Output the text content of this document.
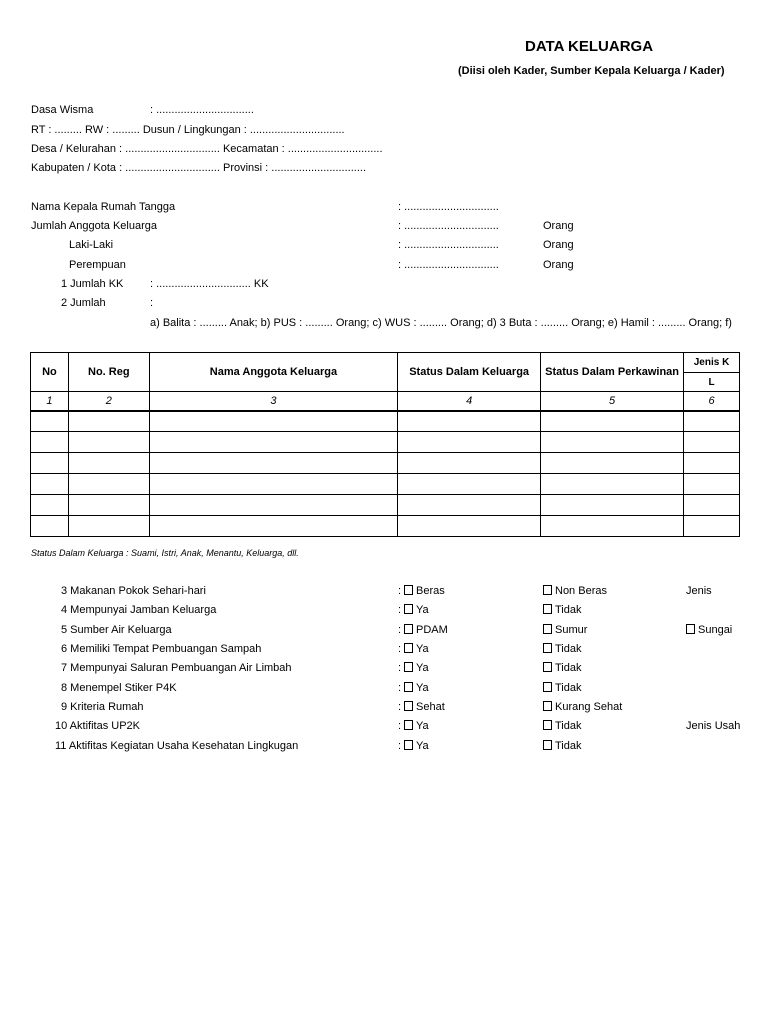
DATA KELUARGA
(Diisi oleh Kader, Sumber Kepala Keluarga / Kader)
Dasa Wisma	: ................................
RT : ......... RW : ......... Dusun / Lingkungan : ...............................
Desa / Kelurahan : ............................... Kecamatan : ...............................
Kabupaten / Kota : ............................... Provinsi : ...............................
Nama Kepala Rumah Tangga	: ...............................
Jumlah Anggota Keluarga	: ...............................	Orang
Laki-Laki	: ...............................	Orang
Perempuan	: ...............................	Orang
1 Jumlah KK : ............................... KK
2 Jumlah	:
a) Balita : ......... Anak; b) PUS : ......... Orang; c) WUS : ......... Orang; d) 3 Buta : ......... Orang; e) Hamil : ......... Orang; f)
No	No. Reg	Nama Anggota Keluarga	Status Dalam Keluarga	Status Dalam Perkawinan	Jenis K
					L
1	2	3	4	5	6

Status Dalam Keluarga : Suami, Istri, Anak, Menantu, Keluarga, dll.
3 Makanan Pokok Sehari-hari	:	Beras	Non Beras	Jenis
4 Mempunyai Jamban Keluarga	:	Ya	Tidak
5 Sumber Air Keluarga	:	PDAM	Sumur	Sungai
6 Memiliki Tempat Pembuangan Sampah	:	Ya	Tidak
7 Mempunyai Saluran Pembuangan Air Limbah	:	Ya	Tidak
8 Menempel Stiker P4K	:	Ya	Tidak
9 Kriteria Rumah	:	Sehat	Kurang Sehat
10 Aktifitas UP2K	:	Ya	Tidak	Jenis Usah
11 Aktifitas Kegiatan Usaha Kesehatan Lingkugan	:	Ya	Tidak
